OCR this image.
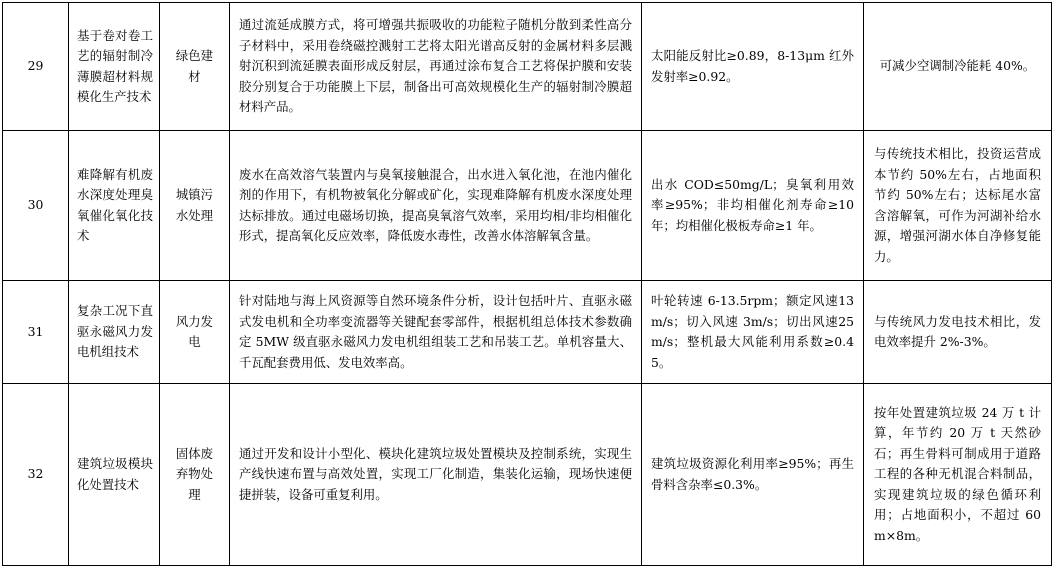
29	基于卷对卷工艺的辐射制冷薄膜超材料规模化生产技术	绿色建材	通过流延成膜方式，将可增强共振吸收的功能粒子随机分散到柔性高分子材料中，采用卷绕磁控溅射工艺将太阳光谱高反射的金属材料多层溅射沉积到流延膜表面形成反射层，再通过涂布复合工艺将保护膜和安装胶分别复合于功能膜上下层，制备出可高效规模化生产的辐射制冷膜超材料产品。	太阳能反射比≥0.89，8-13μm 红外发射率≥0.92。	可减少空调制冷能耗 40%。
30	难降解有机废水深度处理臭氧催化氧化技术	城镇污水处理	废水在高效溶气装置内与臭氧接触混合，出水进入氧化池，在池内催化剂的作用下，有机物被氧化分解或矿化，实现难降解有机废水深度处理达标排放。通过电磁场切换，提高臭氧溶气效率，采用均相/非均相催化形式，提高氧化反应效率，降低废水毒性，改善水体溶解氧含量。	出水 COD≤50mg/L；臭氧利用效率≥95%；非均相催化剂寿命≥10 年；均相催化极板寿命≥1 年。	与传统技术相比，投资运营成本节约 50%左右，占地面积节约 50%左右；达标尾水富含溶解氧，可作为河湖补给水源，增强河湖水体自净修复能力。
31	复杂工况下直驱永磁风力发电机组技术	风力发电	针对陆地与海上风资源等自然环境条件分析，设计包括叶片、直驱永磁式发电机和全功率变流器等关键配套零部件，根据机组总体技术参数确定 5MW 级直驱永磁风力发电机组组装工艺和吊装工艺。单机容量大、千瓦配套费用低、发电效率高。	叶轮转速 6-13.5rpm；额定风速13m/s；切入风速 3m/s；切出风速25m/s；整机最大风能利用系数≥0.45。	与传统风力发电技术相比，发电效率提升 2%-3%。
32	建筑垃圾模块化处置技术	固体废弃物处理	通过开发和设计小型化、模块化建筑垃圾处置模块及控制系统，实现生产线快速布置与高效处置，实现工厂化制造，集装化运输，现场快速便捷拼装，设备可重复利用。	建筑垃圾资源化利用率≥95%；再生骨料含杂率≤0.3%。	按年处置建筑垃圾 24 万 t 计算，年节约 20 万 t 天然砂石；再生骨料可制成用于道路工程的各种无机混合料制品，实现建筑垃圾的绿色循环利用；占地面积小，不超过 60m×8m。
